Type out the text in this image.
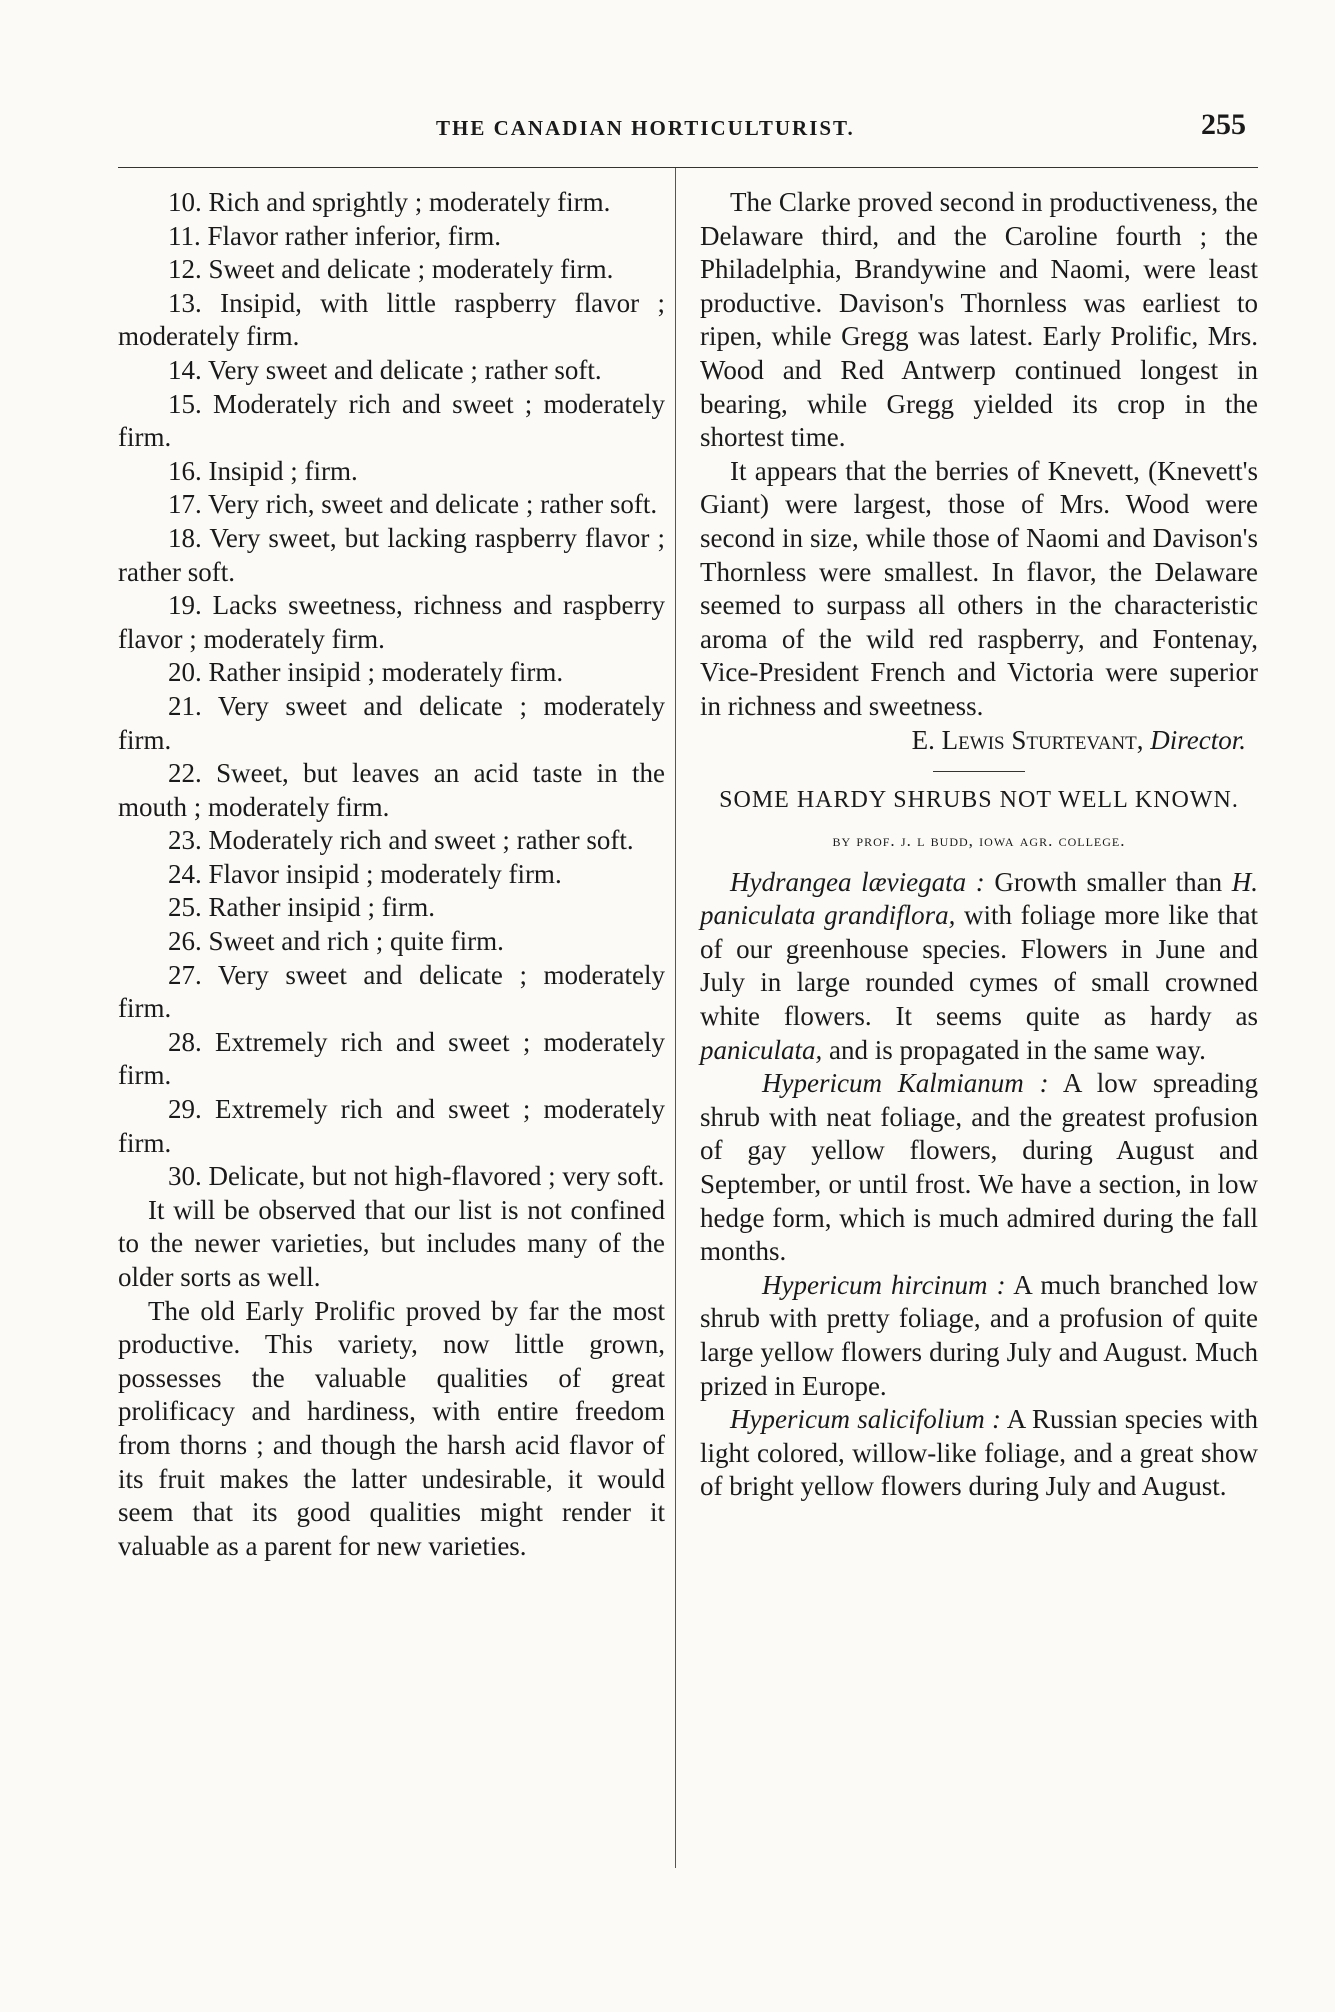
THE CANADIAN HORTICULTURIST.	255

10. Rich and sprightly ; moderately firm.

11. Flavor rather inferior, firm.

12. Sweet and delicate ; moderately firm.

13. Insipid, with little raspberry flavor ; moderately firm.

14. Very sweet and delicate ; rather soft.

15. Moderately rich and sweet ; moderately firm.

16. Insipid ; firm.

17. Very rich, sweet and delicate ; rather soft.

18. Very sweet, but lacking raspberry flavor ; rather soft.

19. Lacks sweetness, richness and raspberry flavor ; moderately firm.

20. Rather insipid ; moderately firm.

21. Very sweet and delicate ; moderately firm.

22. Sweet, but leaves an acid taste in the mouth ; moderately firm.

23. Moderately rich and sweet ; rather soft.

24. Flavor insipid ; moderately firm.

25. Rather insipid ; firm.

26. Sweet and rich ; quite firm.

27. Very sweet and delicate ; moderately firm.

28. Extremely rich and sweet ; moderately firm.

29. Extremely rich and sweet ; moderately firm.

30. Delicate, but not high-flavored ; very soft.

It will be observed that our list is not confined to the newer varieties, but includes many of the older sorts as well.

The old Early Prolific proved by far the most productive. This variety, now little grown, possesses the valuable qualities of great prolificacy and hardiness, with entire freedom from thorns ; and though the harsh acid flavor of its fruit makes the latter undesirable, it would seem that its good qualities might render it valuable as a parent for new varieties.

The Clarke proved second in productiveness, the Delaware third, and the Caroline fourth ; the Philadelphia, Brandywine and Naomi, were least productive. Davison's Thornless was earliest to ripen, while Gregg was latest. Early Prolific, Mrs. Wood and Red Antwerp continued longest in bearing, while Gregg yielded its crop in the shortest time.

It appears that the berries of Knevett, (Knevett's Giant) were largest, those of Mrs. Wood were second in size, while those of Naomi and Davison's Thornless were smallest. In flavor, the Delaware seemed to surpass all others in the characteristic aroma of the wild red raspberry, and Fontenay, Vice-President French and Victoria were superior in richness and sweetness.

E. Lewis Sturtevant, Director.

SOME HARDY SHRUBS NOT WELL KNOWN.
by prof. j. l budd, iowa agr. college.

Hydrangea læviegata : Growth smaller than H. paniculata grandiflora, with foliage more like that of our greenhouse species. Flowers in June and July in large rounded cymes of small crowned white flowers. It seems quite as hardy as paniculata, and is propagated in the same way.

Hypericum Kalmianum : A low spreading shrub with neat foliage, and the greatest profusion of gay yellow flowers, during August and September, or until frost. We have a section, in low hedge form, which is much admired during the fall months.

Hypericum hircinum : A much branched low shrub with pretty foliage, and a profusion of quite large yellow flowers during July and August. Much prized in Europe.

Hypericum salicifolium : A Russian species with light colored, willow-like foliage, and a great show of bright yellow flowers during July and August.
